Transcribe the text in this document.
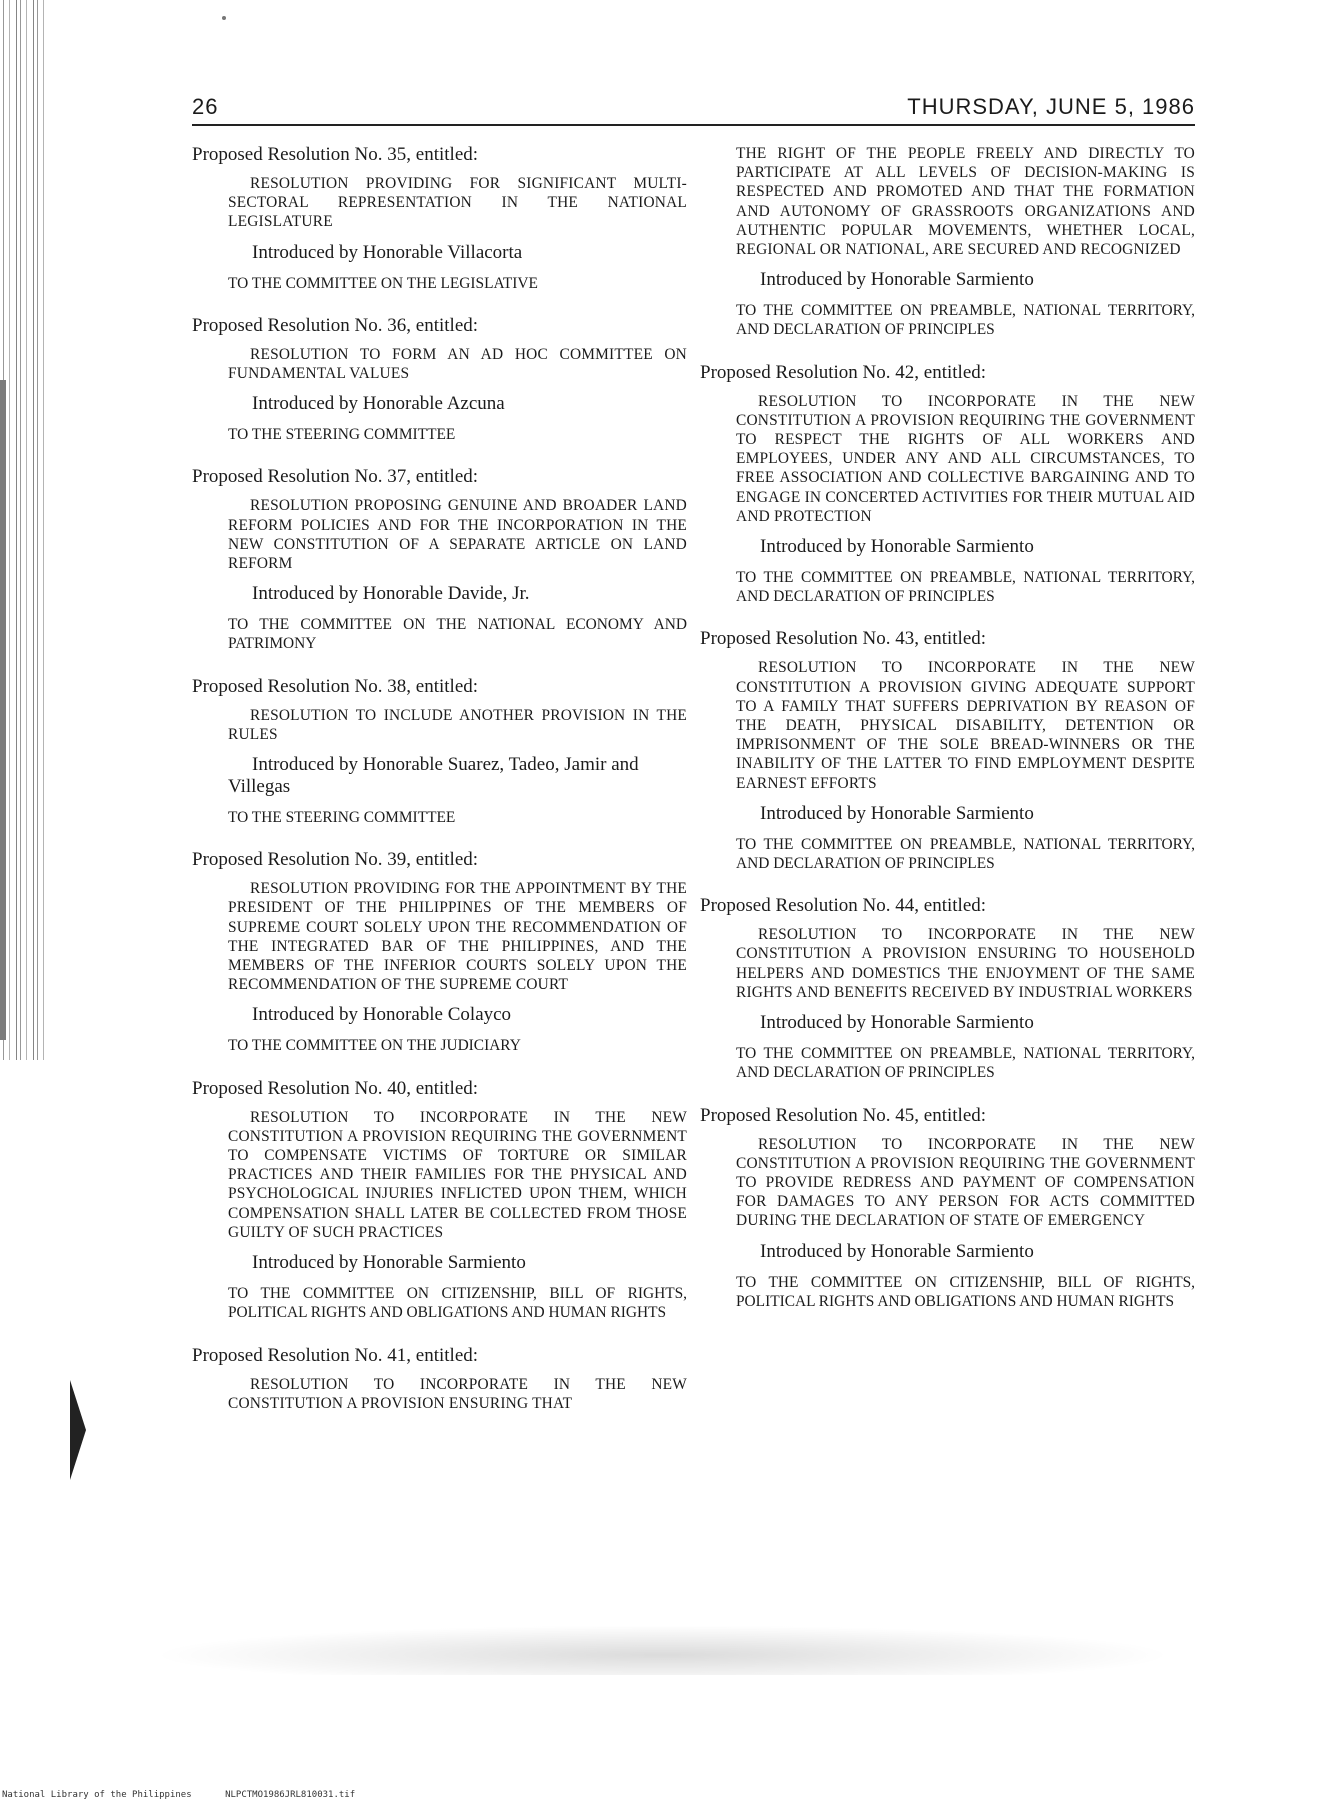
26	THURSDAY, JUNE 5, 1986

Proposed Resolution No. 35, entitled:

RESOLUTION PROVIDING FOR SIGNIFICANT MULTI-SECTORAL REPRESENTATION IN THE NATIONAL LEGISLATURE

Introduced by Honorable Villacorta

TO THE COMMITTEE ON THE LEGISLATIVE

Proposed Resolution No. 36, entitled:

RESOLUTION TO FORM AN AD HOC COMMITTEE ON FUNDAMENTAL VALUES

Introduced by Honorable Azcuna

TO THE STEERING COMMITTEE

Proposed Resolution No. 37, entitled:

RESOLUTION PROPOSING GENUINE AND BROADER LAND REFORM POLICIES AND FOR THE INCORPORATION IN THE NEW CONSTITUTION OF A SEPARATE ARTICLE ON LAND REFORM

Introduced by Honorable Davide, Jr.

TO THE COMMITTEE ON THE NATIONAL ECONOMY AND PATRIMONY

Proposed Resolution No. 38, entitled:

RESOLUTION TO INCLUDE ANOTHER PROVISION IN THE RULES

Introduced by Honorable Suarez, Tadeo, Jamir and Villegas

TO THE STEERING COMMITTEE

Proposed Resolution No. 39, entitled:

RESOLUTION PROVIDING FOR THE APPOINTMENT BY THE PRESIDENT OF THE PHILIPPINES OF THE MEMBERS OF SUPREME COURT SOLELY UPON THE RECOMMENDATION OF THE INTEGRATED BAR OF THE PHILIPPINES, AND THE MEMBERS OF THE INFERIOR COURTS SOLELY UPON THE RECOMMENDATION OF THE SUPREME COURT

Introduced by Honorable Colayco

TO THE COMMITTEE ON THE JUDICIARY

Proposed Resolution No. 40, entitled:

RESOLUTION TO INCORPORATE IN THE NEW CONSTITUTION A PROVISION REQUIRING THE GOVERNMENT TO COMPENSATE VICTIMS OF TORTURE OR SIMILAR PRACTICES AND THEIR FAMILIES FOR THE PHYSICAL AND PSYCHOLOGICAL INJURIES INFLICTED UPON THEM, WHICH COMPENSATION SHALL LATER BE COLLECTED FROM THOSE GUILTY OF SUCH PRACTICES

Introduced by Honorable Sarmiento

TO THE COMMITTEE ON CITIZENSHIP, BILL OF RIGHTS, POLITICAL RIGHTS AND OBLIGATIONS AND HUMAN RIGHTS

Proposed Resolution No. 41, entitled:

RESOLUTION TO INCORPORATE IN THE NEW CONSTITUTION A PROVISION ENSURING THAT

THE RIGHT OF THE PEOPLE FREELY AND DIRECTLY TO PARTICIPATE AT ALL LEVELS OF DECISION-MAKING IS RESPECTED AND PROMOTED AND THAT THE FORMATION AND AUTONOMY OF GRASSROOTS ORGANIZATIONS AND AUTHENTIC POPULAR MOVEMENTS, WHETHER LOCAL, REGIONAL OR NATIONAL, ARE SECURED AND RECOGNIZED

Introduced by Honorable Sarmiento

TO THE COMMITTEE ON PREAMBLE, NATIONAL TERRITORY, AND DECLARATION OF PRINCIPLES

Proposed Resolution No. 42, entitled:

RESOLUTION TO INCORPORATE IN THE NEW CONSTITUTION A PROVISION REQUIRING THE GOVERNMENT TO RESPECT THE RIGHTS OF ALL WORKERS AND EMPLOYEES, UNDER ANY AND ALL CIRCUMSTANCES, TO FREE ASSOCIATION AND COLLECTIVE BARGAINING AND TO ENGAGE IN CONCERTED ACTIVITIES FOR THEIR MUTUAL AID AND PROTECTION

Introduced by Honorable Sarmiento

TO THE COMMITTEE ON PREAMBLE, NATIONAL TERRITORY, AND DECLARATION OF PRINCIPLES

Proposed Resolution No. 43, entitled:

RESOLUTION TO INCORPORATE IN THE NEW CONSTITUTION A PROVISION GIVING ADEQUATE SUPPORT TO A FAMILY THAT SUFFERS DEPRIVATION BY REASON OF THE DEATH, PHYSICAL DISABILITY, DETENTION OR IMPRISONMENT OF THE SOLE BREAD-WINNERS OR THE INABILITY OF THE LATTER TO FIND EMPLOYMENT DESPITE EARNEST EFFORTS

Introduced by Honorable Sarmiento

TO THE COMMITTEE ON PREAMBLE, NATIONAL TERRITORY, AND DECLARATION OF PRINCIPLES

Proposed Resolution No. 44, entitled:

RESOLUTION TO INCORPORATE IN THE NEW CONSTITUTION A PROVISION ENSURING TO HOUSEHOLD HELPERS AND DOMESTICS THE ENJOYMENT OF THE SAME RIGHTS AND BENEFITS RECEIVED BY INDUSTRIAL WORKERS

Introduced by Honorable Sarmiento

TO THE COMMITTEE ON PREAMBLE, NATIONAL TERRITORY, AND DECLARATION OF PRINCIPLES

Proposed Resolution No. 45, entitled:

RESOLUTION TO INCORPORATE IN THE NEW CONSTITUTION A PROVISION REQUIRING THE GOVERNMENT TO PROVIDE REDRESS AND PAYMENT OF COMPENSATION FOR DAMAGES TO ANY PERSON FOR ACTS COMMITTED DURING THE DECLARATION OF STATE OF EMERGENCY

Introduced by Honorable Sarmiento

TO THE COMMITTEE ON CITIZENSHIP, BILL OF RIGHTS, POLITICAL RIGHTS AND OBLIGATIONS AND HUMAN RIGHTS

National Library of the Philippines	NLPCTMO1986JRL810031.tif
